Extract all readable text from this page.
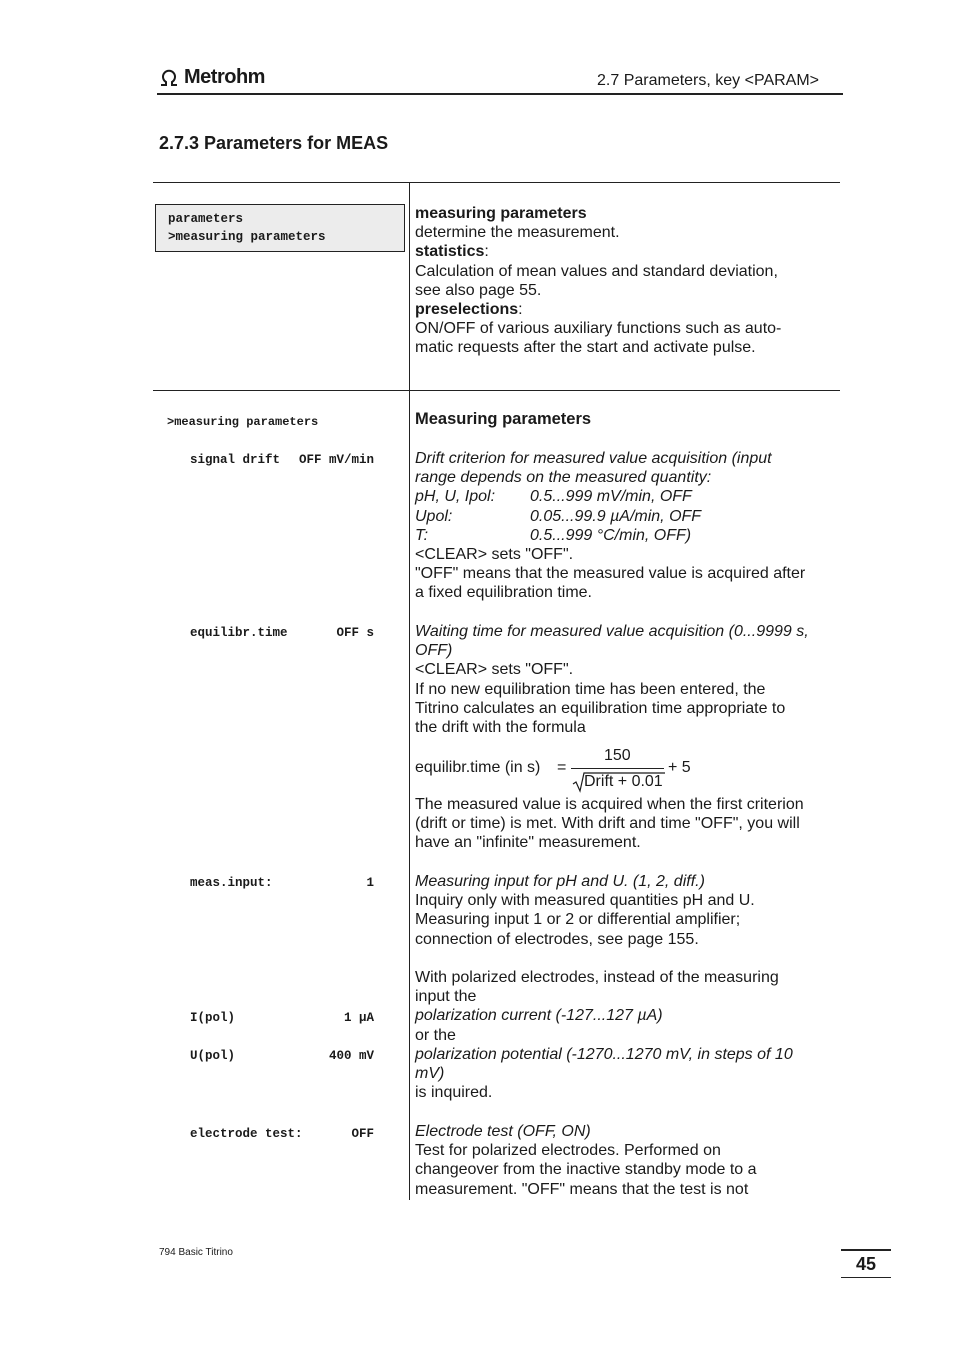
Metrohm	2.7 Parameters, key <PARAM>
2.7.3 Parameters for MEAS
parameters
>measuring parameters

measuring parameters

determine the measurement.

statistics:

Calculation of mean values and standard deviation,

see also page 55.

preselections:

ON/OFF of various auxiliary functions such as auto-

matic requests after the start and activate pulse.

>measuring parameters
signal drift	OFF mV/min
equilibr.time	OFF s
meas.input:	1
I(pol)	1 µA
U(pol)	400 mV
electrode test:	OFF
Measuring parameters

Drift criterion for measured value acquisition (input

range depends on the measured quantity:

pH, U, Ipol: 0.5...999 mV/min, OFF

Upol:	0.05...99.9 µA/min, OFF

T:	0.5...999 °C/min, OFF)

<CLEAR> sets "OFF".

"OFF" means that the measured value is acquired after

a fixed equilibration time.

Waiting time for measured value acquisition (0...9999 s,

OFF)

<CLEAR> sets "OFF".

If no new equilibration time has been entered, the

Titrino calculates an equilibration time appropriate to

the drift with the formula

equilibr.time (in s) =
150
Drift + 0.01
+ 5

The measured value is acquired when the first criterion

(drift or time) is met. With drift and time "OFF", you will

have an "infinite" measurement.

Measuring input for pH and U. (1, 2, diff.)

Inquiry only with measured quantities pH and U.

Measuring input 1 or 2 or differential amplifier;

connection of electrodes, see page 155.

With polarized electrodes, instead of the measuring

input the

polarization current (-127...127 µA)

or the

polarization potential (-1270...1270 mV, in steps of 10

mV)

is inquired.

Electrode test (OFF, ON)

Test for polarized electrodes. Performed on

changeover from the inactive standby mode to a

measurement. "OFF" means that the test is not

794 Basic Titrino
45
